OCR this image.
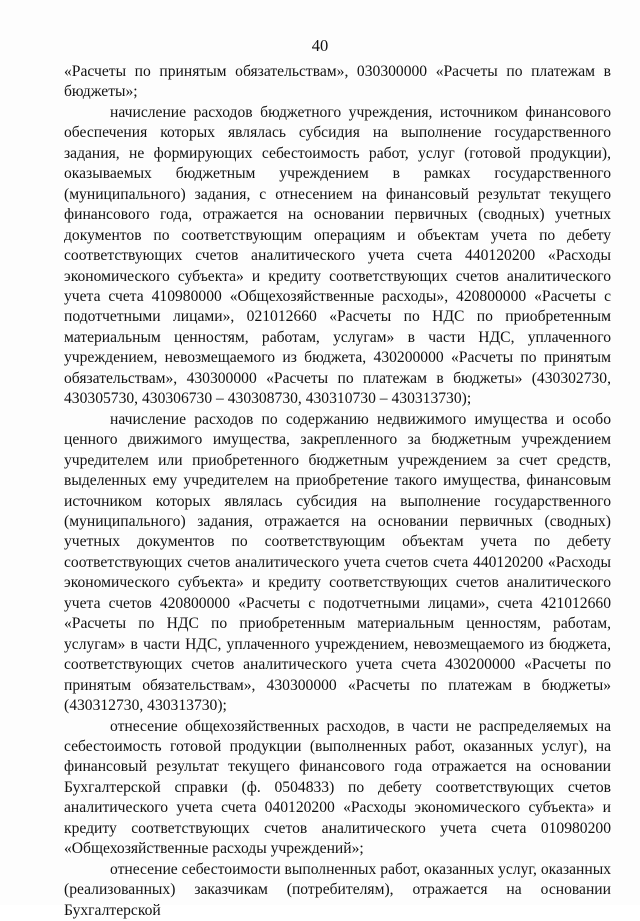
40

«Расчеты по принятым обязательствам», 030300000 «Расчеты по платежам в бюджеты»;

начисление расходов бюджетного учреждения, источником финансового обеспечения которых являлась субсидия на выполнение государственного задания, не формирующих себестоимость работ, услуг (готовой продукции), оказываемых бюджетным учреждением в рамках государственного (муниципального) задания, с отнесением на финансовый результат текущего финансового года, отражается на основании первичных (сводных) учетных документов по соответствующим операциям и объектам учета по дебету соответствующих счетов аналитического учета счета 440120200 «Расходы экономического субъекта» и кредиту соответствующих счетов аналитического учета счета 410980000 «Общехозяйственные расходы», 420800000 «Расчеты с подотчетными лицами», 021012660 «Расчеты по НДС по приобретенным материальным ценностям, работам, услугам» в части НДС, уплаченного учреждением, невозмещаемого из бюджета, 430200000 «Расчеты по принятым обязательствам», 430300000 «Расчеты по платежам в бюджеты» (430302730, 430305730, 430306730 – 430308730, 430310730 – 430313730);

начисление расходов по содержанию недвижимого имущества и особо ценного движимого имущества, закрепленного за бюджетным учреждением учредителем или приобретенного бюджетным учреждением за счет средств, выделенных ему учредителем на приобретение такого имущества, финансовым источником которых являлась субсидия на выполнение государственного (муниципального) задания, отражается на основании первичных (сводных) учетных документов по соответствующим объектам учета по дебету соответствующих счетов аналитического учета счетов счета 440120200 «Расходы экономического субъекта» и кредиту соответствующих счетов аналитического учета счетов 420800000 «Расчеты с подотчетными лицами», счета 421012660 «Расчеты по НДС по приобретенным материальным ценностям, работам, услугам» в части НДС, уплаченного учреждением, невозмещаемого из бюджета, соответствующих счетов аналитического учета счета 430200000 «Расчеты по принятым обязательствам», 430300000 «Расчеты по платежам в бюджеты» (430312730, 430313730);

отнесение общехозяйственных расходов, в части не распределяемых на себестоимость готовой продукции (выполненных работ, оказанных услуг), на финансовый результат текущего финансового года отражается на основании Бухгалтерской справки (ф. 0504833) по дебету соответствующих счетов аналитического учета счета 040120200 «Расходы экономического субъекта» и кредиту соответствующих счетов аналитического учета счета 010980200 «Общехозяйственные расходы учреждений»;

отнесение себестоимости выполненных работ, оказанных услуг, оказанных (реализованных) заказчикам (потребителям), отражается на основании Бухгалтерской
